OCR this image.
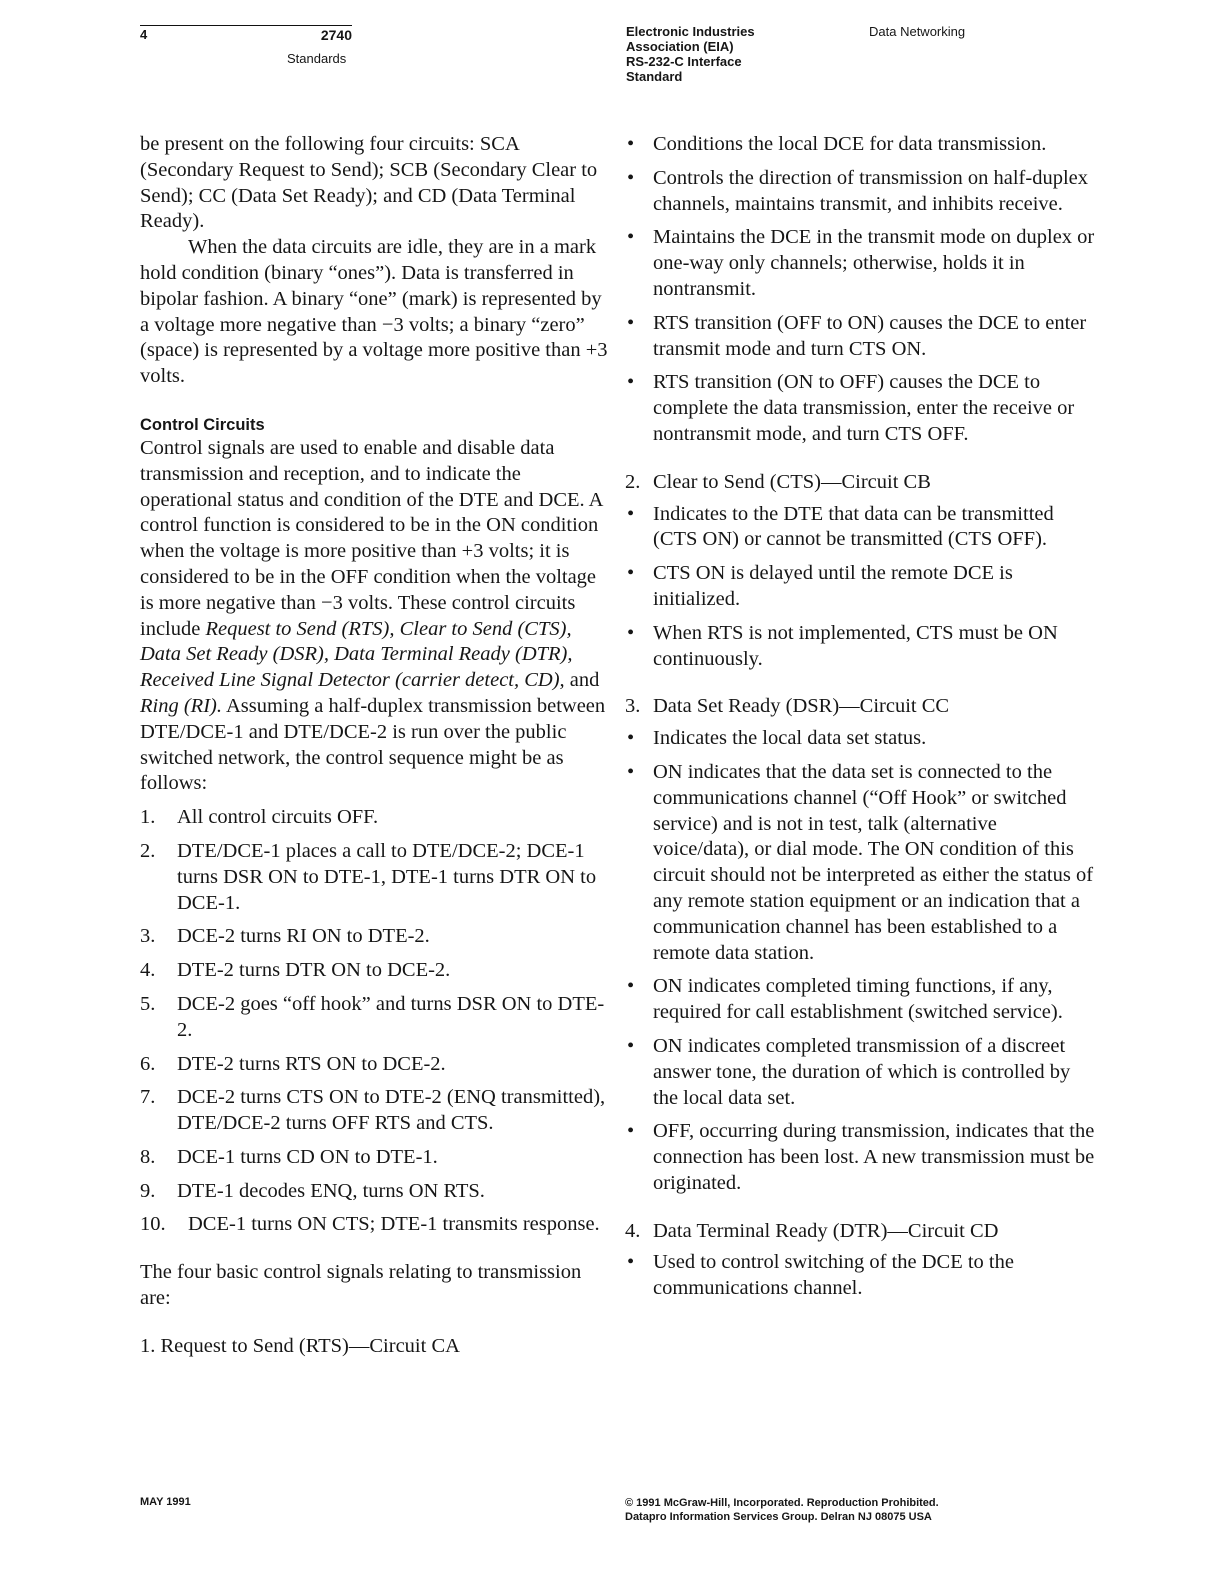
4	2740
Standards
Electronic Industries
Association (EIA)
RS-232-C Interface
Standard
Data Networking

be present on the following four circuits: SCA (Secondary Request to Send); SCB (Secondary Clear to Send); CC (Data Set Ready); and CD (Data Terminal Ready).

When the data circuits are idle, they are in a mark hold condition (binary “ones”). Data is transferred in bipolar fashion. A binary “one” (mark) is represented by a voltage more negative than −3 volts; a binary “zero” (space) is represented by a voltage more positive than +3 volts.

Control Circuits

Control signals are used to enable and disable data transmission and reception, and to indicate the operational status and condition of the DTE and DCE. A control function is considered to be in the ON condition when the voltage is more positive than +3 volts; it is considered to be in the OFF condition when the voltage is more negative than −3 volts. These control circuits include Request to Send (RTS), Clear to Send (CTS), Data Set Ready (DSR), Data Terminal Ready (DTR), Received Line Signal Detector (carrier detect, CD), and Ring (RI). Assuming a half-duplex transmission between DTE/DCE-1 and DTE/DCE-2 is run over the public switched network, the control sequence might be as follows:

1. All control circuits OFF.

2. DTE/DCE-1 places a call to DTE/DCE-2; DCE-1 turns DSR ON to DTE-1, DTE-1 turns DTR ON to DCE-1.

3. DCE-2 turns RI ON to DTE-2.

4. DTE-2 turns DTR ON to DCE-2.

5. DCE-2 goes “off hook” and turns DSR ON to DTE-2.

6. DTE-2 turns RTS ON to DCE-2.

7. DCE-2 turns CTS ON to DTE-2 (ENQ transmitted), DTE/DCE-2 turns OFF RTS and CTS.

8. DCE-1 turns CD ON to DTE-1.

9. DTE-1 decodes ENQ, turns ON RTS.

10. DCE-1 turns ON CTS; DTE-1 transmits response.

The four basic control signals relating to transmission are:

1. Request to Send (RTS)—Circuit CA

• Conditions the local DCE for data transmission.

• Controls the direction of transmission on half-duplex channels, maintains transmit, and inhibits receive.

• Maintains the DCE in the transmit mode on duplex or one-way only channels; otherwise, holds it in nontransmit.

• RTS transition (OFF to ON) causes the DCE to enter transmit mode and turn CTS ON.

• RTS transition (ON to OFF) causes the DCE to complete the data transmission, enter the receive or nontransmit mode, and turn CTS OFF.

2. Clear to Send (CTS)—Circuit CB

• Indicates to the DTE that data can be transmitted (CTS ON) or cannot be transmitted (CTS OFF).

• CTS ON is delayed until the remote DCE is initialized.

• When RTS is not implemented, CTS must be ON continuously.

3. Data Set Ready (DSR)—Circuit CC

• Indicates the local data set status.

• ON indicates that the data set is connected to the communications channel (“Off Hook” or switched service) and is not in test, talk (alternative voice/data), or dial mode. The ON condition of this circuit should not be interpreted as either the status of any remote station equipment or an indication that a communication channel has been established to a remote data station.

• ON indicates completed timing functions, if any, required for call establishment (switched service).

• ON indicates completed transmission of a discreet answer tone, the duration of which is controlled by the local data set.

• OFF, occurring during transmission, indicates that the connection has been lost. A new transmission must be originated.

4. Data Terminal Ready (DTR)—Circuit CD

• Used to control switching of the DCE to the communications channel.

MAY 1991	© 1991 McGraw-Hill, Incorporated. Reproduction Prohibited.
Datapro Information Services Group. Delran NJ 08075 USA
